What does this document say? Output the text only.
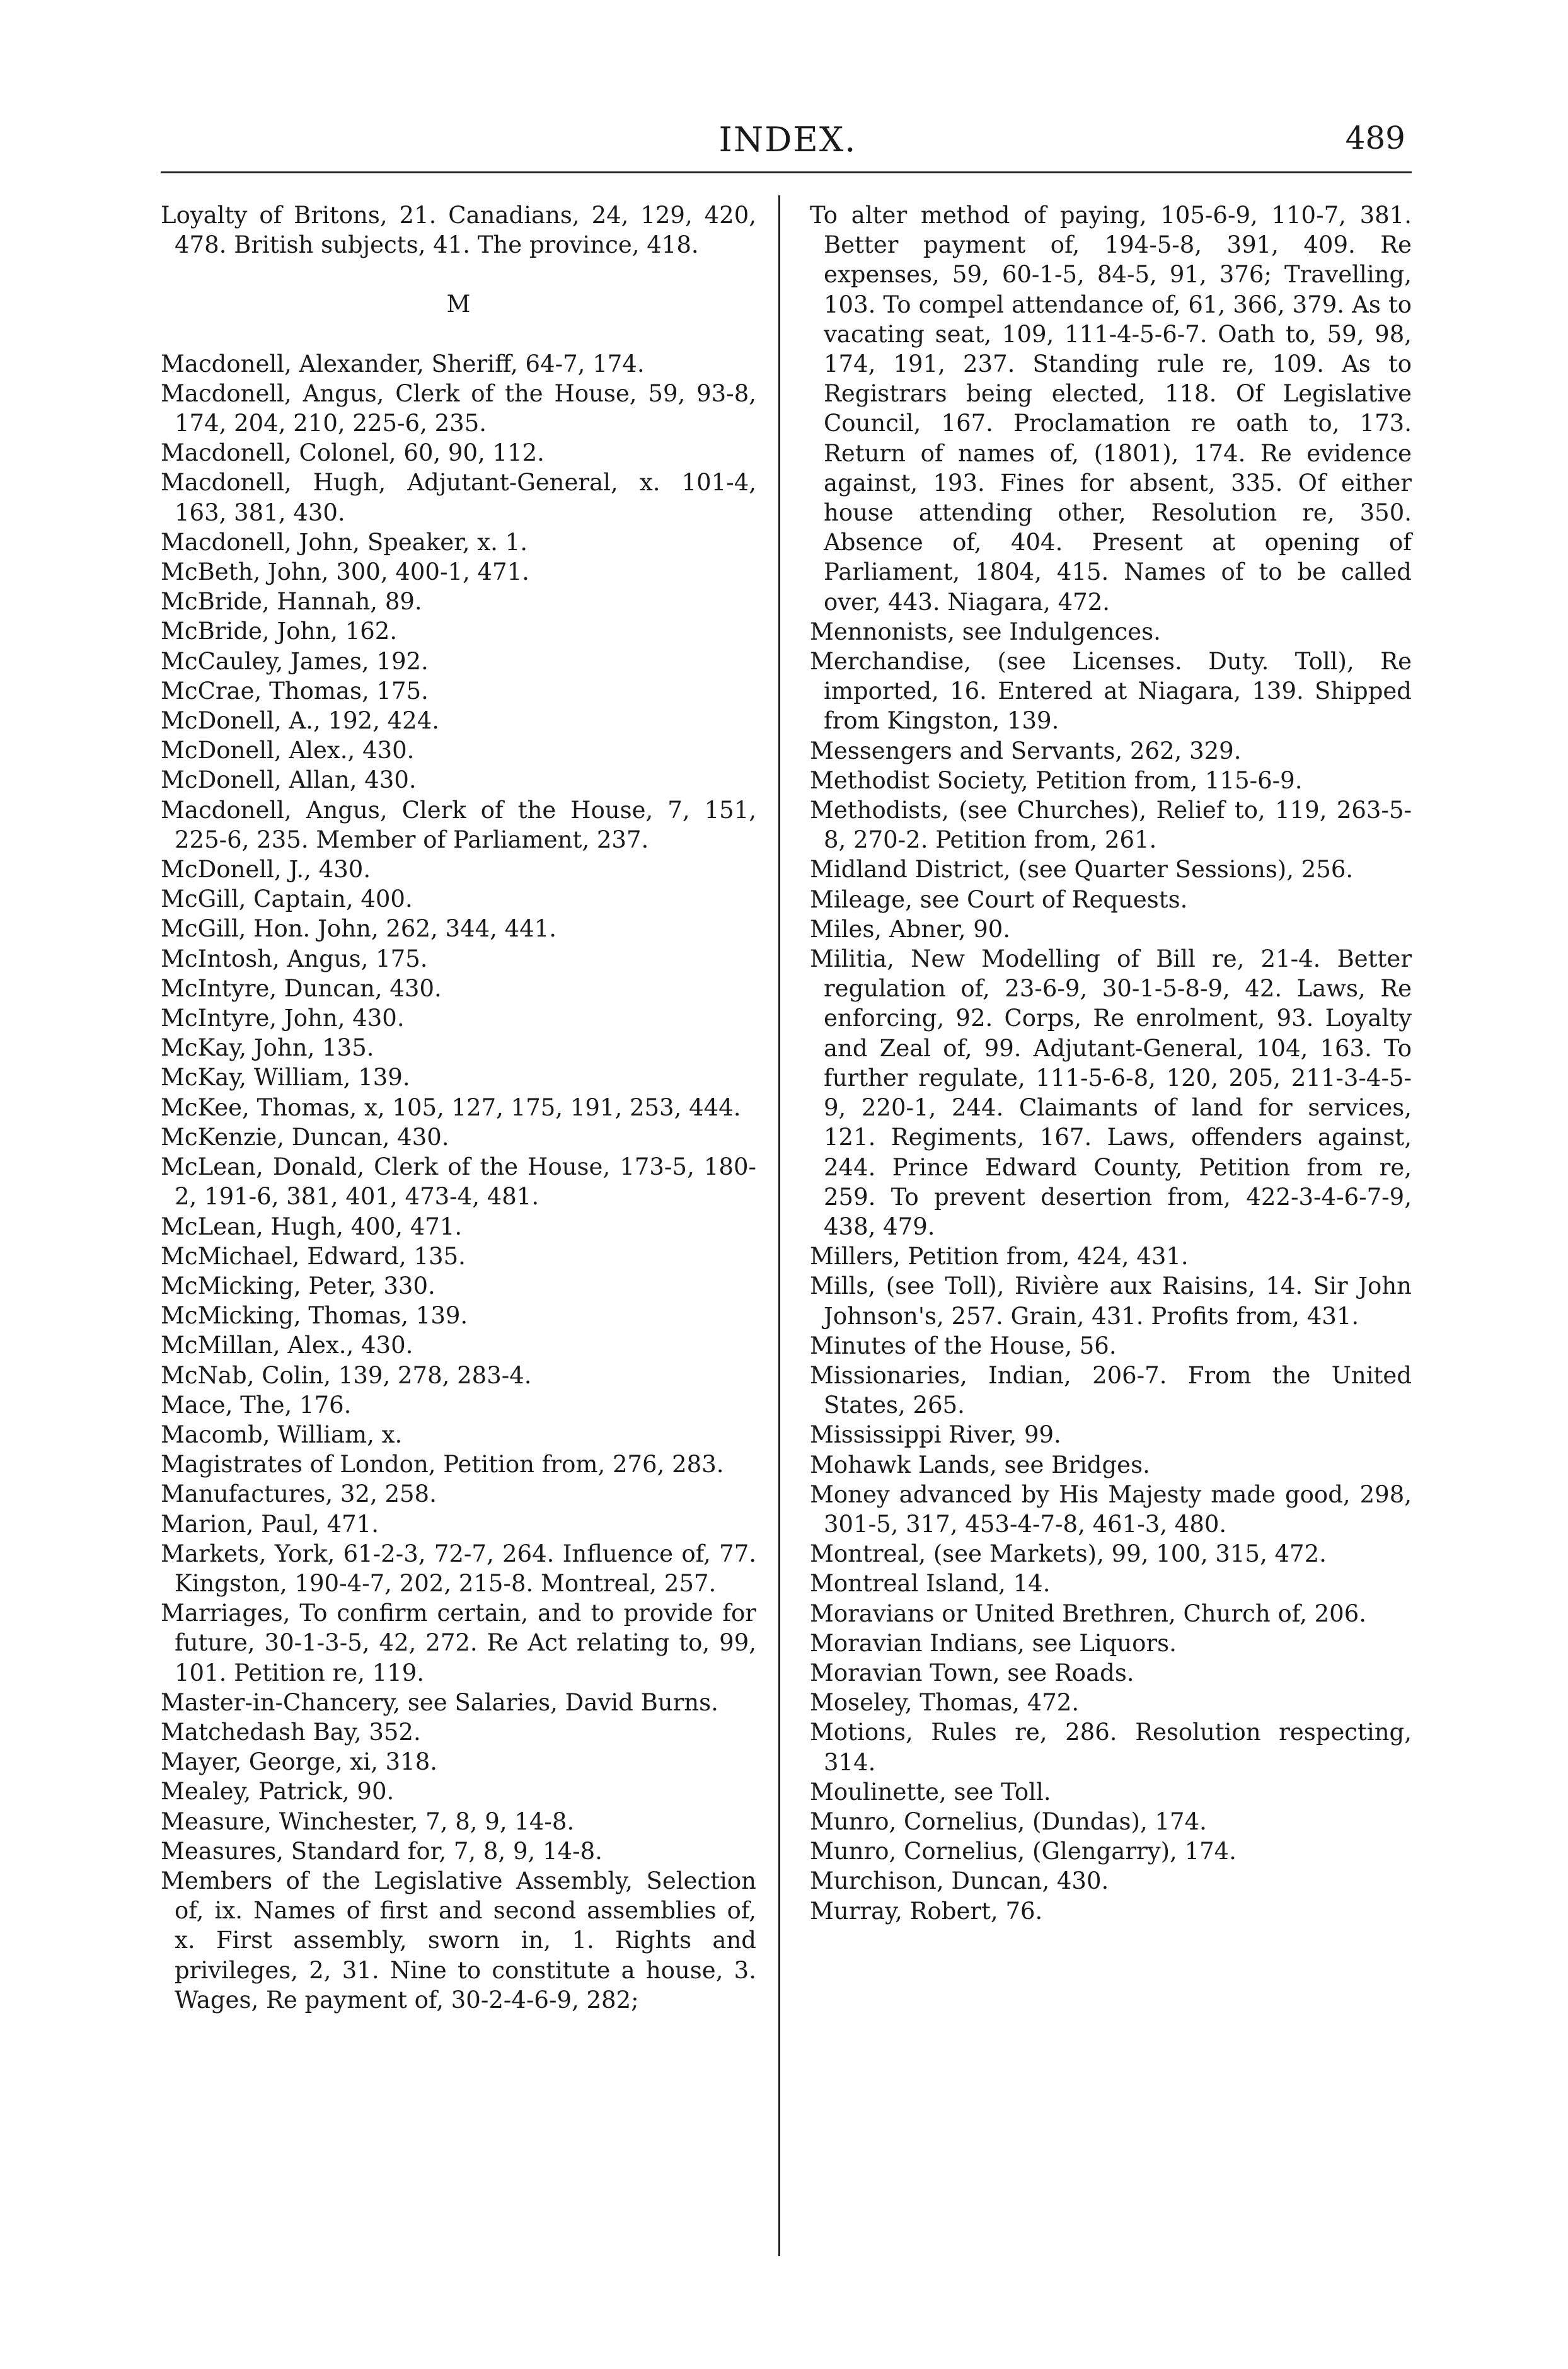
INDEX.	489

Loyalty of Britons, 21. Canadians, 24, 129, 420, 478. British subjects, 41. The province, 418.

M

Macdonell, Alexander, Sheriff, 64-7, 174.

Macdonell, Angus, Clerk of the House, 59, 93-8, 174, 204, 210, 225-6, 235.

Macdonell, Colonel, 60, 90, 112.

Macdonell, Hugh, Adjutant-General, x. 101-4, 163, 381, 430.

Macdonell, John, Speaker, x. 1.

McBeth, John, 300, 400-1, 471.

McBride, Hannah, 89.

McBride, John, 162.

McCauley, James, 192.

McCrae, Thomas, 175.

McDonell, A., 192, 424.

McDonell, Alex., 430.

McDonell, Allan, 430.

Macdonell, Angus, Clerk of the House, 7, 151, 225-6, 235. Member of Parliament, 237.

McDonell, J., 430.

McGill, Captain, 400.

McGill, Hon. John, 262, 344, 441.

McIntosh, Angus, 175.

McIntyre, Duncan, 430.

McIntyre, John, 430.

McKay, John, 135.

McKay, William, 139.

McKee, Thomas, x, 105, 127, 175, 191, 253, 444.

McKenzie, Duncan, 430.

McLean, Donald, Clerk of the House, 173-5, 180-2, 191-6, 381, 401, 473-4, 481.

McLean, Hugh, 400, 471.

McMichael, Edward, 135.

McMicking, Peter, 330.

McMicking, Thomas, 139.

McMillan, Alex., 430.

McNab, Colin, 139, 278, 283-4.

Mace, The, 176.

Macomb, William, x.

Magistrates of London, Petition from, 276, 283.

Manufactures, 32, 258.

Marion, Paul, 471.

Markets, York, 61-2-3, 72-7, 264. Influence of, 77. Kingston, 190-4-7, 202, 215-8. Montreal, 257.

Marriages, To confirm certain, and to provide for future, 30-1-3-5, 42, 272. Re Act relating to, 99, 101. Petition re, 119.

Master-in-Chancery, see Salaries, David Burns.

Matchedash Bay, 352.

Mayer, George, xi, 318.

Mealey, Patrick, 90.

Measure, Winchester, 7, 8, 9, 14-8.

Measures, Standard for, 7, 8, 9, 14-8.

Members of the Legislative Assembly, Selection of, ix. Names of first and second assemblies of, x. First assembly, sworn in, 1. Rights and privileges, 2, 31. Nine to constitute a house, 3. Wages, Re payment of, 30-2-4-6-9, 282;

To alter method of paying, 105-6-9, 110-7, 381. Better payment of, 194-5-8, 391, 409. Re expenses, 59, 60-1-5, 84-5, 91, 376; Travelling, 103. To compel attendance of, 61, 366, 379. As to vacating seat, 109, 111-4-5-6-7. Oath to, 59, 98, 174, 191, 237. Standing rule re, 109. As to Registrars being elected, 118. Of Legislative Council, 167. Proclamation re oath to, 173. Return of names of, (1801), 174. Re evidence against, 193. Fines for absent, 335. Of either house attending other, Resolution re, 350. Absence of, 404. Present at opening of Parliament, 1804, 415. Names of to be called over, 443. Niagara, 472.

Mennonists, see Indulgences.

Merchandise, (see Licenses. Duty. Toll), Re imported, 16. Entered at Niagara, 139. Shipped from Kingston, 139.

Messengers and Servants, 262, 329.

Methodist Society, Petition from, 115-6-9.

Methodists, (see Churches), Relief to, 119, 263-5-8, 270-2. Petition from, 261.

Midland District, (see Quarter Sessions), 256.

Mileage, see Court of Requests.

Miles, Abner, 90.

Militia, New Modelling of Bill re, 21-4. Better regulation of, 23-6-9, 30-1-5-8-9, 42. Laws, Re enforcing, 92. Corps, Re enrolment, 93. Loyalty and Zeal of, 99. Adjutant-General, 104, 163. To further regulate, 111-5-6-8, 120, 205, 211-3-4-5-9, 220-1, 244. Claimants of land for services, 121. Regiments, 167. Laws, offenders against, 244. Prince Edward County, Petition from re, 259. To prevent desertion from, 422-3-4-6-7-9, 438, 479.

Millers, Petition from, 424, 431.

Mills, (see Toll), Rivière aux Raisins, 14. Sir John Johnson's, 257. Grain, 431. Profits from, 431.

Minutes of the House, 56.

Missionaries, Indian, 206-7. From the United States, 265.

Mississippi River, 99.

Mohawk Lands, see Bridges.

Money advanced by His Majesty made good, 298, 301-5, 317, 453-4-7-8, 461-3, 480.

Montreal, (see Markets), 99, 100, 315, 472.

Montreal Island, 14.

Moravians or United Brethren, Church of, 206.

Moravian Indians, see Liquors.

Moravian Town, see Roads.

Moseley, Thomas, 472.

Motions, Rules re, 286. Resolution respecting, 314.

Moulinette, see Toll.

Munro, Cornelius, (Dundas), 174.

Munro, Cornelius, (Glengarry), 174.

Murchison, Duncan, 430.

Murray, Robert, 76.
